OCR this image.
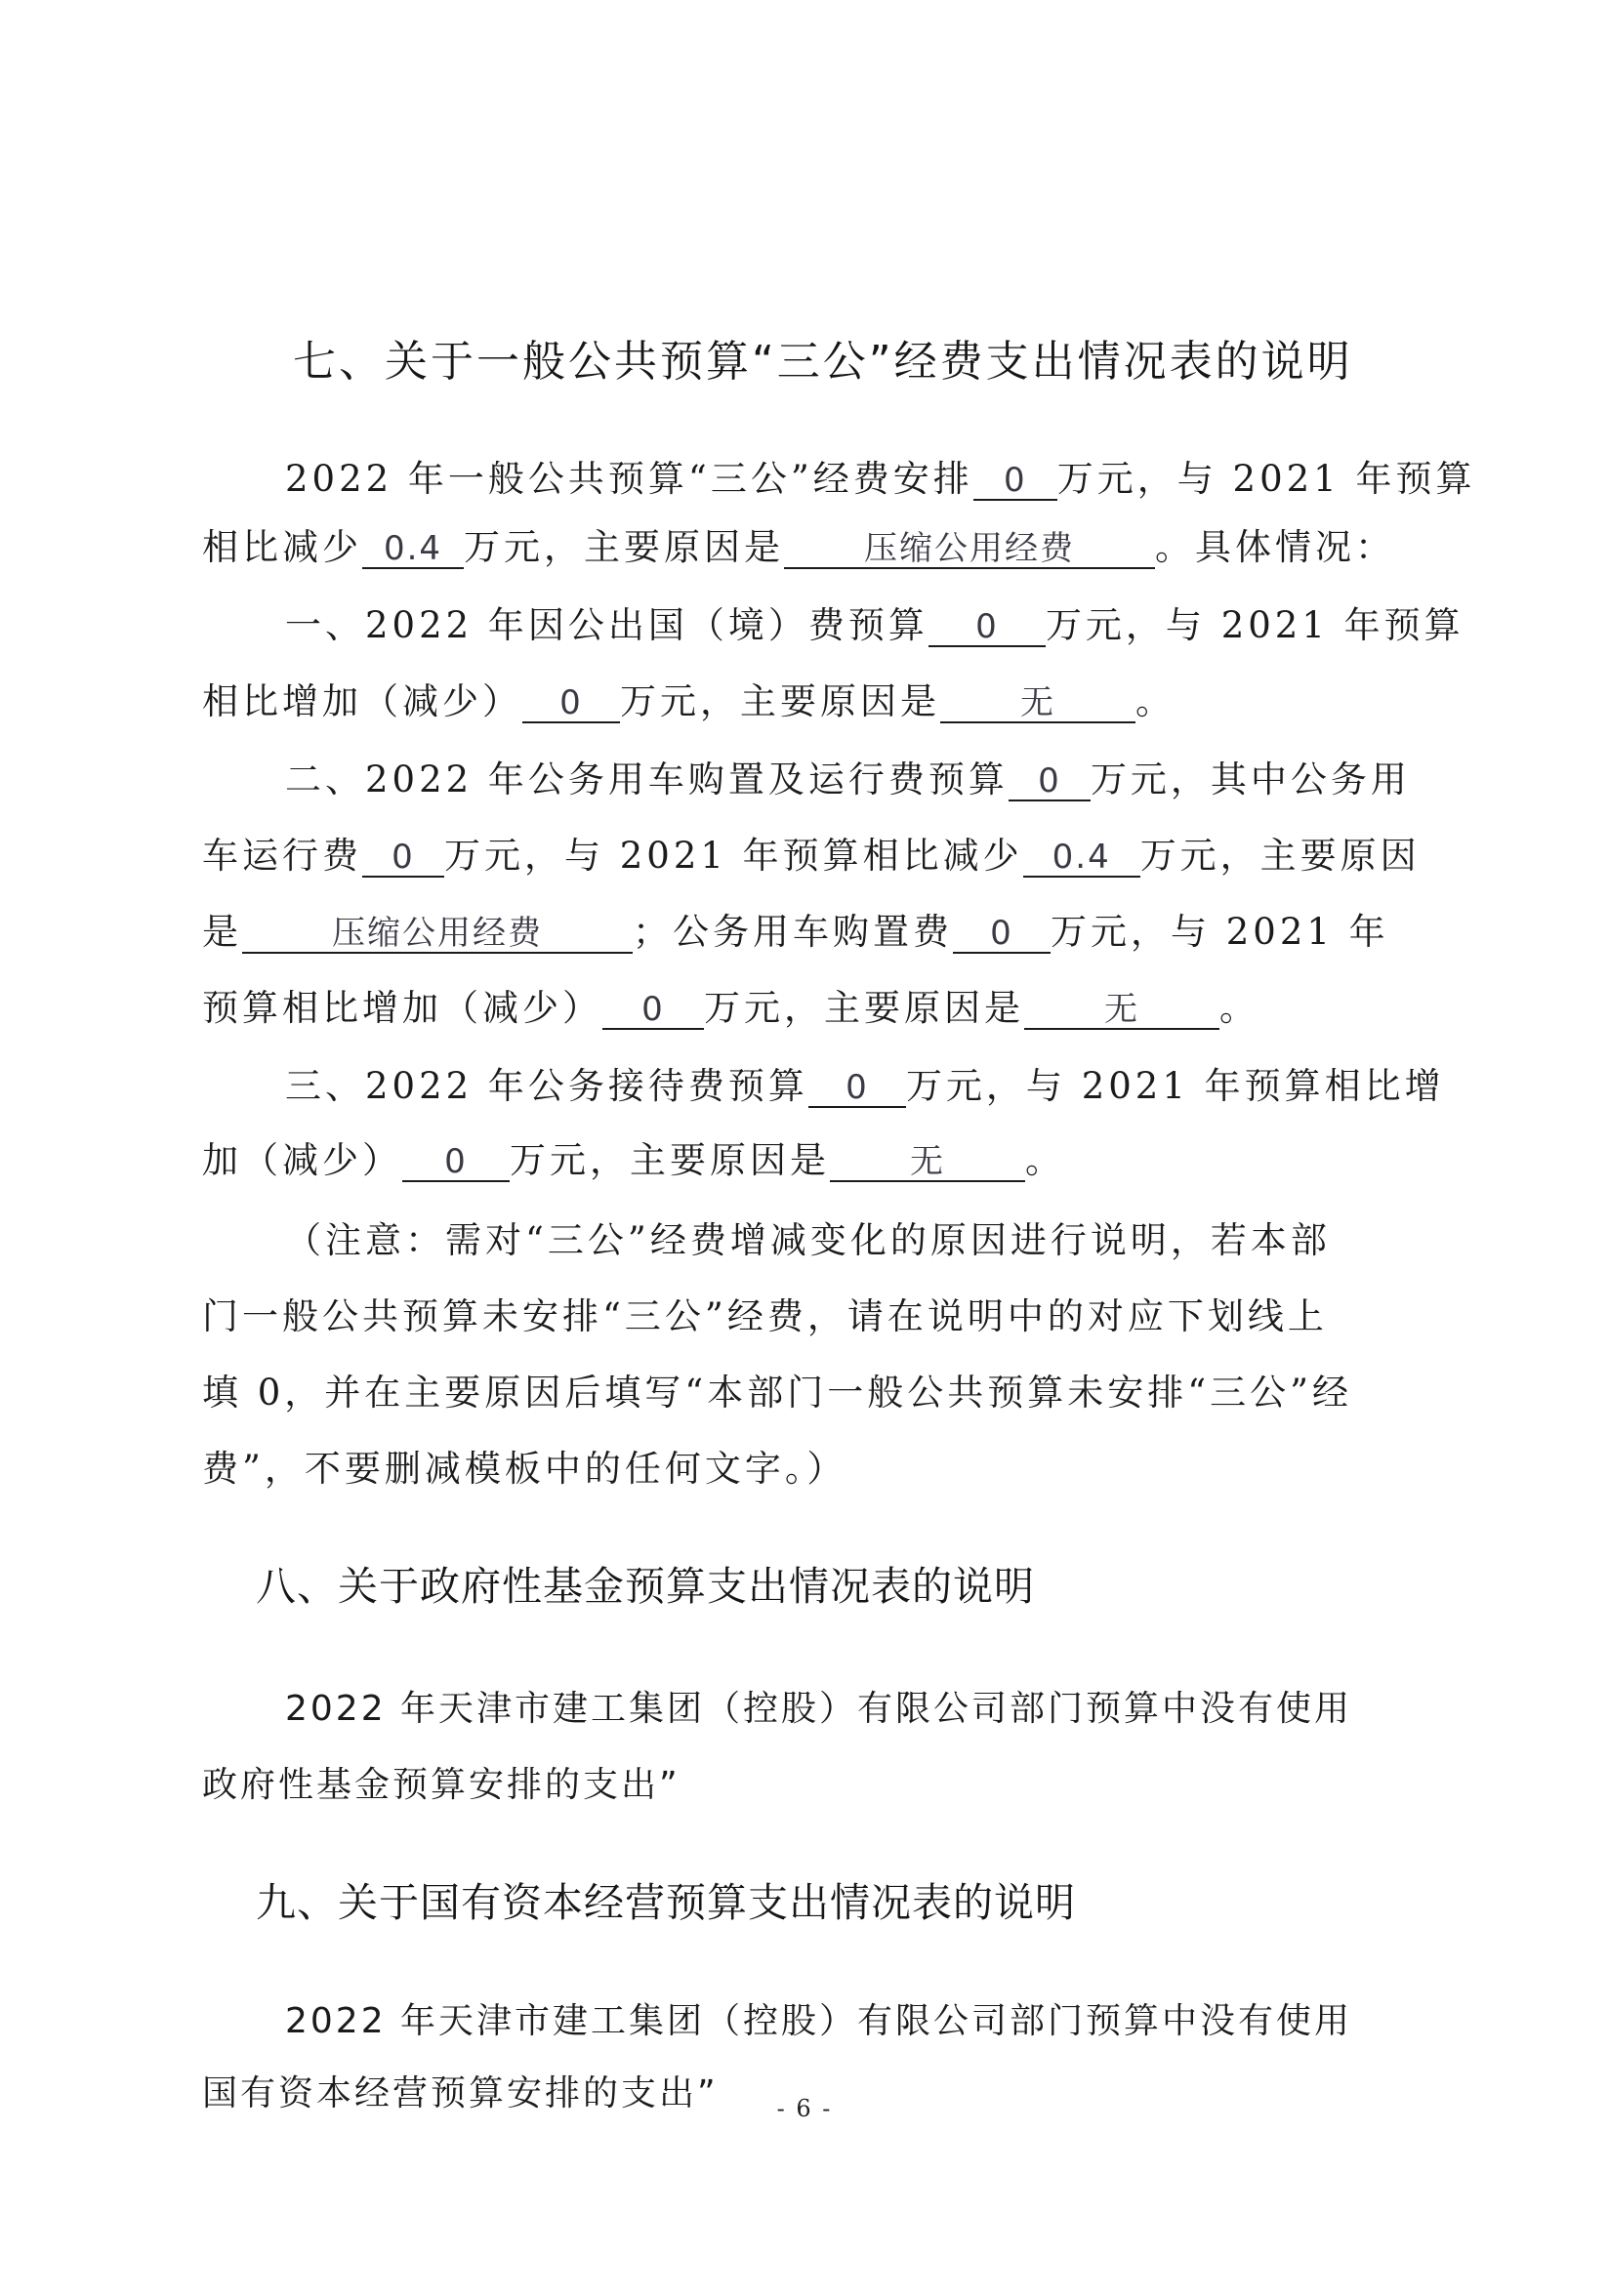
七、关于一般公共预算“三公”经费支出情况表的说明
2022 年一般公共预算“三公”经费安排 0 万元，与 2021 年预算
相比减少 0.4 万元，主要原因是 压缩公用经费 。具体情况：
一、2022 年因公出国（境）费预算 0 万元，与 2021 年预算
相比增加（减少） 0 万元，主要原因是 无 。
二、2022 年公务用车购置及运行费预算 0 万元，其中公务用
车运行费 0 万元，与 2021 年预算相比减少 0.4 万元，主要原因
是	压缩公用经费 ；公务用车购置费 0 万元，与 2021 年
预算相比增加（减少） 0 万元，主要原因是 无 。
三、2022 年公务接待费预算 0 万元，与 2021 年预算相比增
加（减少） 0 万元，主要原因是 无 。
（注意：需对“三公”经费增减变化的原因进行说明，若本部
门一般公共预算未安排“三公”经费，请在说明中的对应下划线上
填 0，并在主要原因后填写“本部门一般公共预算未安排“三公”经
费”，不要删减模板中的任何文字。）
八、关于政府性基金预算支出情况表的说明
2022 年天津市建工集团（控股）有限公司部门预算中没有使用
政府性基金预算安排的支出”
九、关于国有资本经营预算支出情况表的说明
2022 年天津市建工集团（控股）有限公司部门预算中没有使用
国有资本经营预算安排的支出”	- 6 -
